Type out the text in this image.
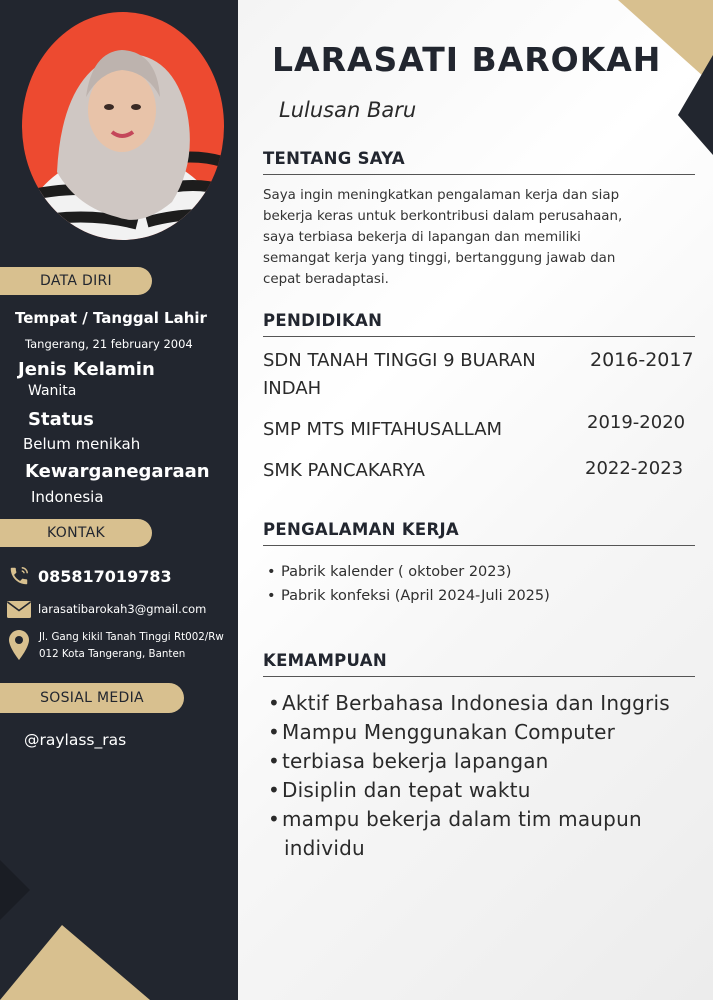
DATA DIRI
Tempat / Tanggal Lahir
Tangerang, 21 february 2004
Jenis Kelamin
Wanita
Status
Belum menikah
Kewarganegaraan
Indonesia
KONTAK
085817019783
larasatibarokah3@gmail.com
Jl. Gang kikil Tanah Tinggi Rt002/Rw
012 Kota Tangerang, Banten
SOSIAL MEDIA
@raylass_ras
LARASATI BAROKAH
Lulusan Baru
TENTANG SAYA
Saya ingin meningkatkan pengalaman kerja dan siap
bekerja keras untuk berkontribusi dalam perusahaan,
saya terbiasa bekerja di lapangan dan memiliki
semangat kerja yang tinggi, bertanggung jawab dan
cepat beradaptasi.
PENDIDIKAN
SDN TANAH TINGGI 9 BUARAN
INDAH
2016-2017
SMP MTS MIFTAHUSALLAM	2019-2020
SMK PANCAKARYA	2022-2023
PENGALAMAN KERJA
• Pabrik kalender ( oktober 2023)
• Pabrik konfeksi (April 2024-Juli 2025)
KEMAMPUAN
• Aktif Berbahasa Indonesia dan Inggris
• Mampu Menggunakan Computer
• terbiasa bekerja lapangan
• Disiplin dan tepat waktu
• mampu bekerja dalam tim maupun
individu
